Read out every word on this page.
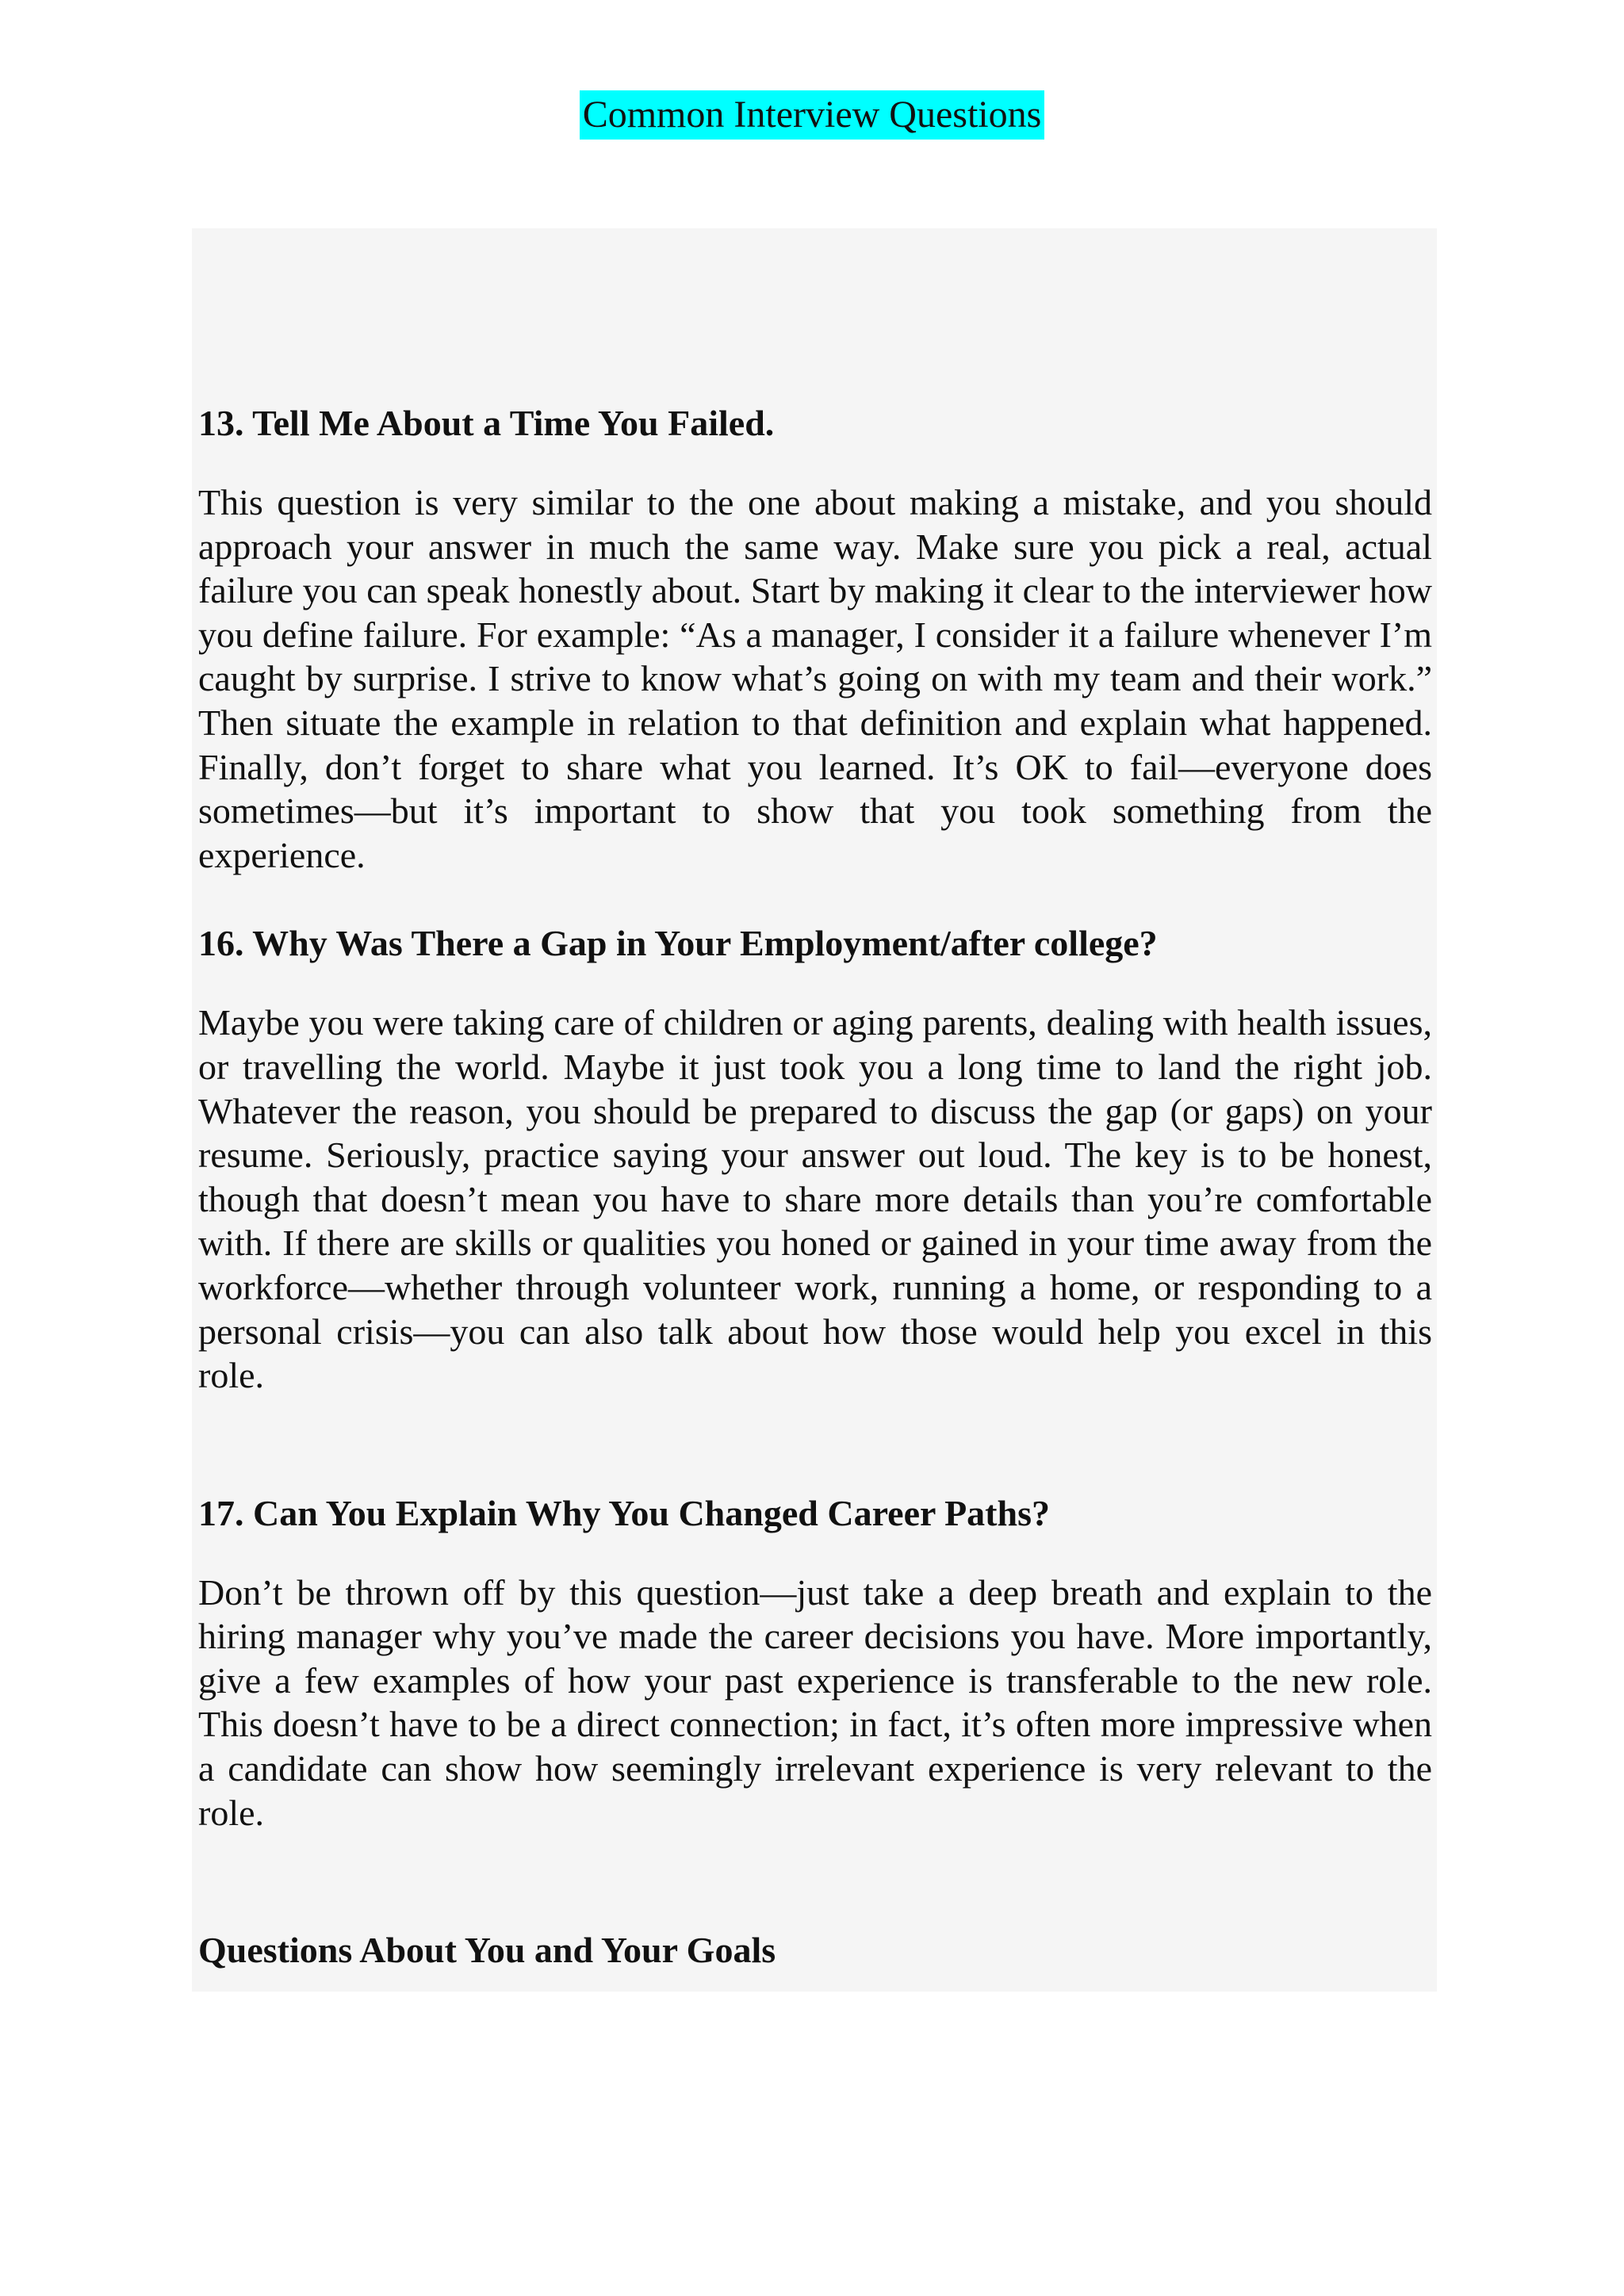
Common Interview Questions
13. Tell Me About a Time You Failed.

This question is very similar to the one about making a mistake, and you should approach your answer in much the same way. Make sure you pick a real, actual failure you can speak honestly about. Start by making it clear to the interviewer how you define failure. For example: “As a manager, I consider it a failure whenever I’m caught by surprise. I strive to know what’s going on with my team and their work.” Then situate the example in relation to that definition and explain what happened. Finally, don’t forget to share what you learned. It’s OK to fail—everyone does sometimes—but it’s important to show that you took something from the experience.

16. Why Was There a Gap in Your Employment/after college?

Maybe you were taking care of children or aging parents, dealing with health issues, or travelling the world. Maybe it just took you a long time to land the right job. Whatever the reason, you should be prepared to discuss the gap (or gaps) on your resume. Seriously, practice saying your answer out loud. The key is to be honest, though that doesn’t mean you have to share more details than you’re comfortable with. If there are skills or qualities you honed or gained in your time away from the workforce—whether through volunteer work, running a home, or responding to a personal crisis—you can also talk about how those would help you excel in this role.

17. Can You Explain Why You Changed Career Paths?

Don’t be thrown off by this question—just take a deep breath and explain to the hiring manager why you’ve made the career decisions you have. More importantly, give a few examples of how your past experience is transferable to the new role. This doesn’t have to be a direct connection; in fact, it’s often more impressive when a candidate can show how seemingly irrelevant experience is very relevant to the role.

Questions About You and Your Goals
